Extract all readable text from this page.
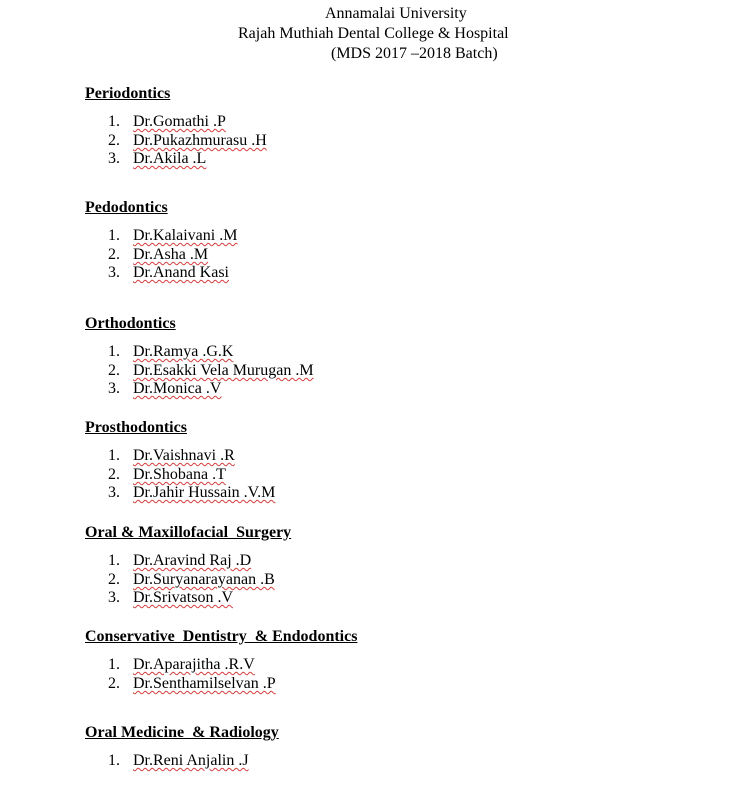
Annamalai University
Rajah Muthiah Dental College & Hospital
(MDS 2017 –2018 Batch)
Periodontics
1. Dr.Gomathi .P
2. Dr.Pukazhmurasu .H
3. Dr.Akila .L
Pedodontics
1. Dr.Kalaivani .M
2. Dr.Asha .M
3. Dr.Anand Kasi
Orthodontics
1. Dr.Ramya .G.K
2. Dr.Esakki Vela Murugan .M
3. Dr.Monica .V
Prosthodontics
1. Dr.Vaishnavi .R
2. Dr.Shobana .T
3. Dr.Jahir Hussain .V.M
Oral & Maxillofacial  Surgery
1. Dr.Aravind Raj .D
2. Dr.Suryanarayanan .B
3. Dr.Srivatson .V
Conservative  Dentistry  & Endodontics
1. Dr.Aparajitha .R.V
2. Dr.Senthamilselvan .P
Oral Medicine  & Radiology
1. Dr.Reni Anjalin .J
